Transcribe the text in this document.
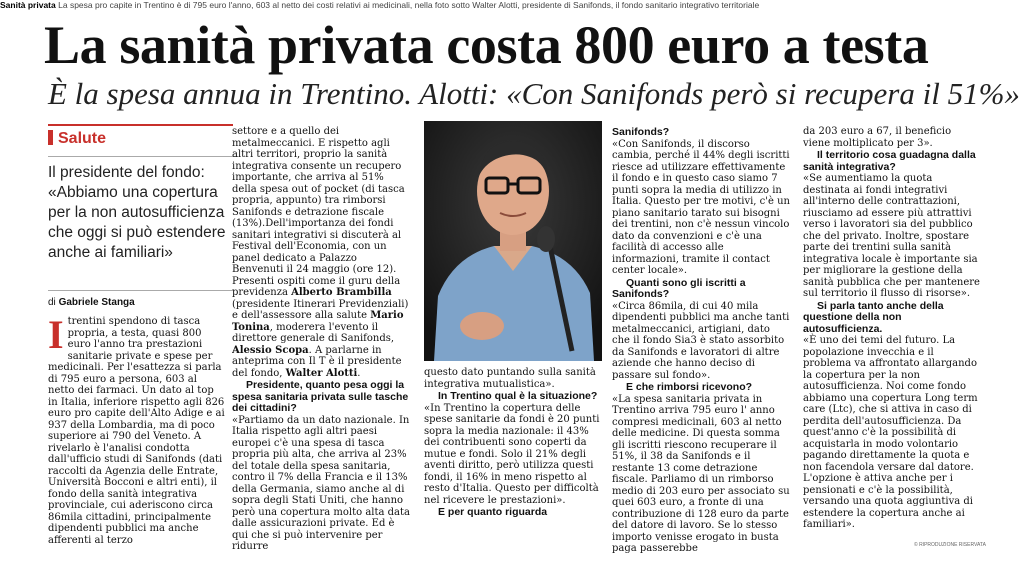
Sanità privata La spesa pro capite in Trentino è di 795 euro l'anno, 603 al netto dei costi relativi ai medicinali, nella foto sotto Walter Alotti, presidente di Sanifonds, il fondo sanitario integrativo territoriale
La sanità privata costa 800 euro a testa
È la spesa annua in Trentino. Alotti: «Con Sanifonds però si recupera il 51%»
Salute
Il presidente del fondo: «Abbiamo una copertura per la non autosufficienza che oggi si può estendere anche ai familiari»
di Gabriele Stanga
I trentini spendono di tasca propria, a testa, quasi 800 euro l'anno tra prestazioni sanitarie private e spese per medicinali. Per l'esattezza si parla di 795 euro a persona, 603 al netto dei farmaci. Un dato al top in Italia, inferiore rispetto agli 826 euro pro capite dell'Alto Adige e ai 937 della Lombardia, ma di poco superiore ai 790 del Veneto. A rivelarlo è l'analisi condotta dall'ufficio studi di Sanifonds (dati raccolti da Agenzia delle Entrate, Università Bocconi e altri enti), il fondo della sanità integrativa provinciale, cui aderiscono circa 86mila cittadini, principalmente dipendenti pubblici ma anche afferenti al terzo

settore e a quello dei metalmeccanici. E rispetto agli altri territori, proprio la sanità integrativa consente un recupero importante, che arriva al 51% della spesa out of pocket (di tasca propria, appunto) tra rimborsi Sanifonds e detrazione fiscale (13%).Dell'importanza dei fondi sanitari integrativi si discuterà al Festival dell'Economia, con un panel dedicato a Palazzo Benvenuti il 24 maggio (ore 12). Presenti ospiti come il guru della previdenza Alberto Brambilla (presidente Itinerari Previdenziali) e dell'assessore alla salute Mario Tonina, moderera l'evento il direttore generale di Sanifonds, Alessio Scopa. A parlarne in anteprima con Il T è il presidente del fondo, Walter Alotti.

Presidente, quanto pesa oggi la spesa sanitaria privata sulle tasche dei cittadini?

«Partiamo da un dato nazionale. In Italia rispetto agli altri paesi europei c'è una spesa di tasca propria più alta, che arriva al 23% del totale della spesa sanitaria, contro il 7% della Francia e il 13% della Germania, siamo anche al di sopra degli Stati Uniti, che hanno però una copertura molto alta data dalle assicurazioni private. Ed è qui che si può intervenire per ridurre

questo dato puntando sulla sanità integrativa mutualistica».

In Trentino qual è la situazione?

«In Trentino la copertura delle spese sanitarie da fondi è 20 punti sopra la media nazionale: il 43% dei contribuenti sono coperti da mutue e fondi. Solo il 21% degli aventi diritto, però utilizza questi fondi, il 16% in meno rispetto al resto d'Italia. Questo per difficoltà nel ricevere le prestazioni».

E per quanto riguarda

Sanifonds?

«Con Sanifonds, il discorso cambia, perché il 44% degli iscritti riesce ad utilizzare effettivamente il fondo e in questo caso siamo 7 punti sopra la media di utilizzo in Italia. Questo per tre motivi, c'è un piano sanitario tarato sui bisogni dei trentini, non c'è nessun vincolo dato da convenzioni e c'è una facilità di accesso alle informazioni, tramite il contact center locale».

Quanti sono gli iscritti a Sanifonds?

«Circa 86mila, di cui 40 mila dipendenti pubblici ma anche tanti metalmeccanici, artigiani, dato che il fondo Sia3 è stato assorbito da Sanifonds e lavoratori di altre aziende che hanno deciso di passare sul fondo».

E che rimborsi ricevono?

«La spesa sanitaria privata in Trentino arriva 795 euro l' anno compresi medicinali, 603 al netto delle medicine. Di questa somma gli iscritti riescono recuperare il 51%, il 38 da Sanifonds e il restante 13 come detrazione fiscale. Parliamo di un rimborso medio di 203 euro per associato su quei 603 euro, a fronte di una contribuzione di 128 euro da parte del datore di lavoro. Se lo stesso importo venisse erogato in busta paga passerebbe

da 203 euro a 67, il beneficio viene moltiplicato per 3».

Il territorio cosa guadagna dalla sanità integrativa?

«Se aumentiamo la quota destinata ai fondi integrativi all'interno delle contrattazioni, riusciamo ad essere più attrattivi verso i lavoratori sia del pubblico che del privato. Inoltre, spostare parte dei trentini sulla sanità integrativa locale è importante sia per migliorare la gestione della sanità pubblica che per mantenere sul territorio il flusso di risorse».

Si parla tanto anche della questione della non autosufficienza.

«È uno dei temi del futuro. La popolazione invecchia e il problema va affrontato allargando la copertura per la non autosufficienza. Noi come fondo abbiamo una copertura Long term care (Ltc), che si attiva in caso di perdita dell'autosufficienza. Da quest'anno c'è la possibilità di acquistarla in modo volontario pagando direttamente la quota e non facendola versare dal datore. L'opzione è attiva anche per i pensionati e c'è la possibilità, versando una quota aggiuntiva di estendere la copertura anche ai familiari».

© RIPRODUZIONE RISERVATA
